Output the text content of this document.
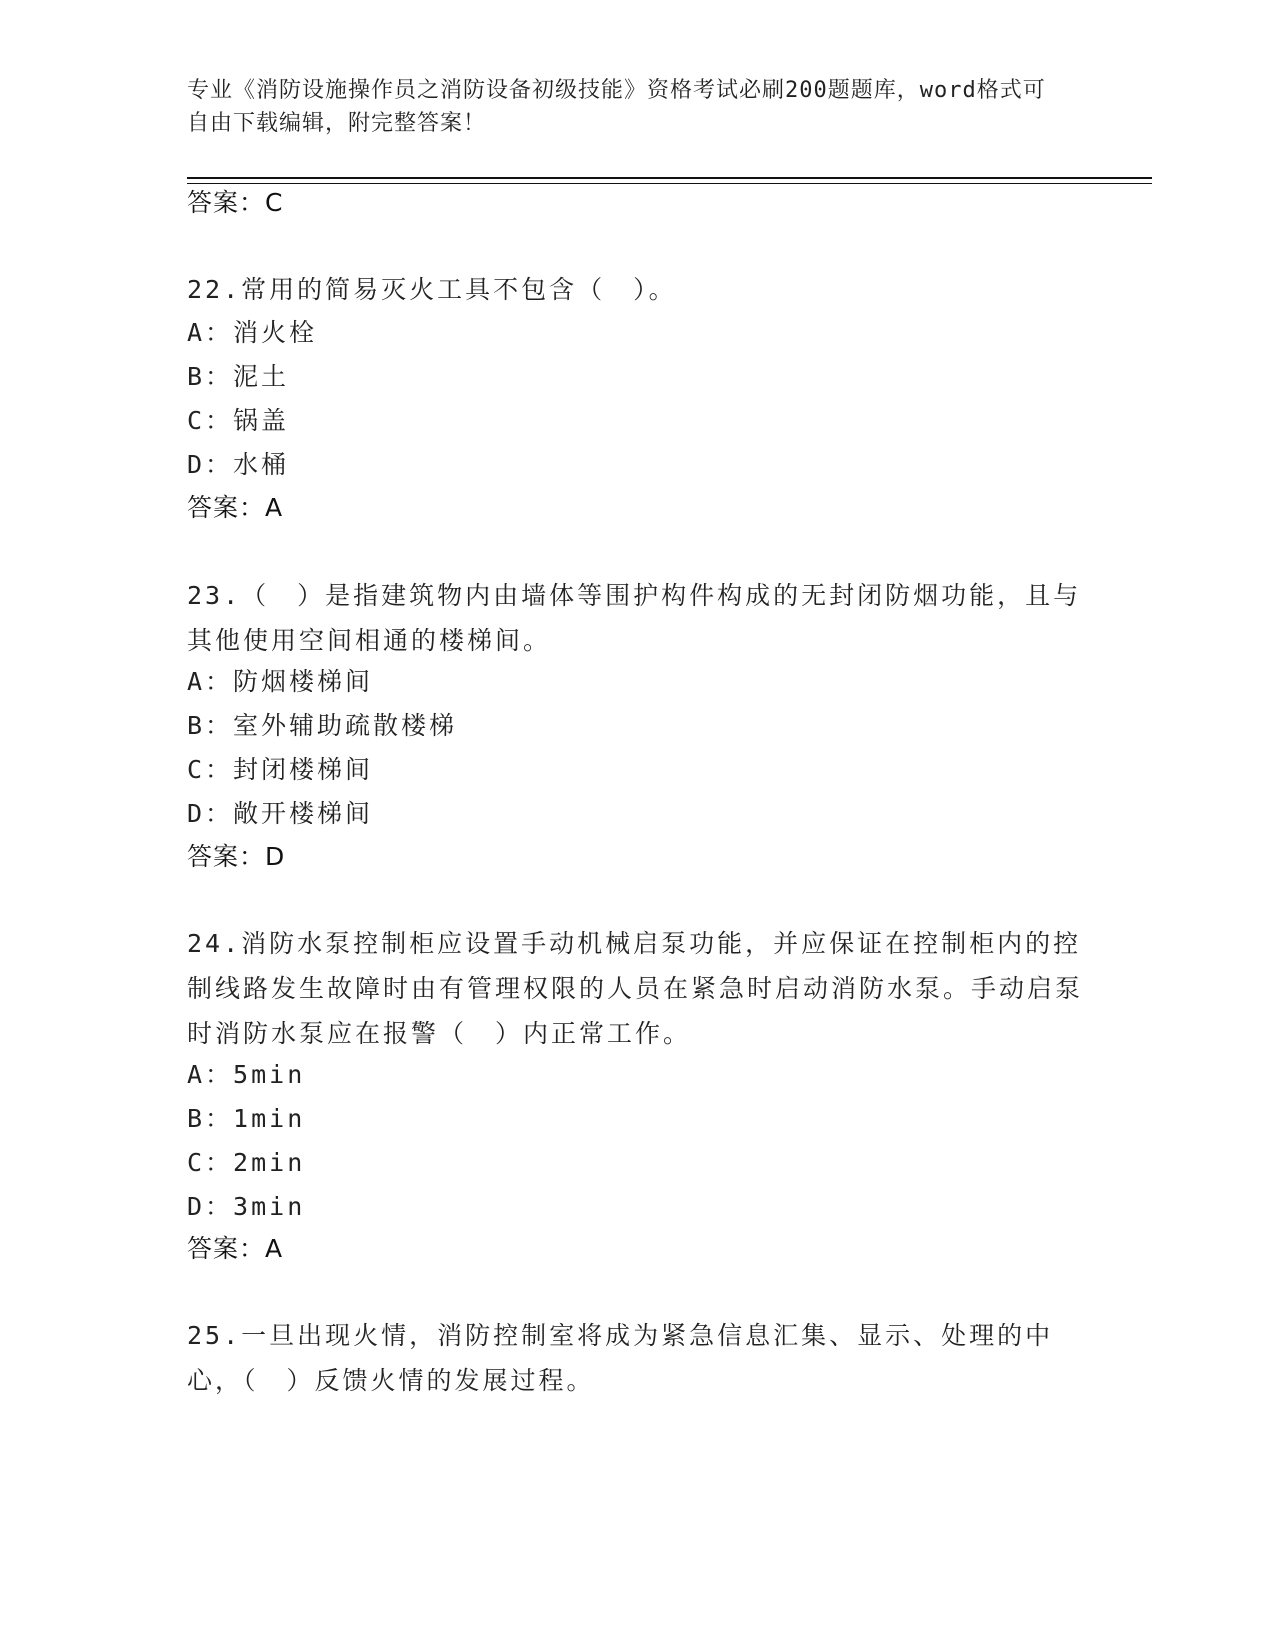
专业《消防设施操作员之消防设备初级技能》资格考试必刷200题题库，word格式可自由下载编辑，附完整答案！
答案：C
22.常用的简易灭火工具不包含（　）。
A：消火栓
B：泥土
C：锅盖
D：水桶
答案：A
23.（　）是指建筑物内由墙体等围护构件构成的无封闭防烟功能，且与其他使用空间相通的楼梯间。
A：防烟楼梯间
B：室外辅助疏散楼梯
C：封闭楼梯间
D：敞开楼梯间
答案：D
24.消防水泵控制柜应设置手动机械启泵功能，并应保证在控制柜内的控制线路发生故障时由有管理权限的人员在紧急时启动消防水泵。手动启泵时消防水泵应在报警（　）内正常工作。
A：5min
B：1min
C：2min
D：3min
答案：A
25.一旦出现火情，消防控制室将成为紧急信息汇集、显示、处理的中心，（　）反馈火情的发展过程。
